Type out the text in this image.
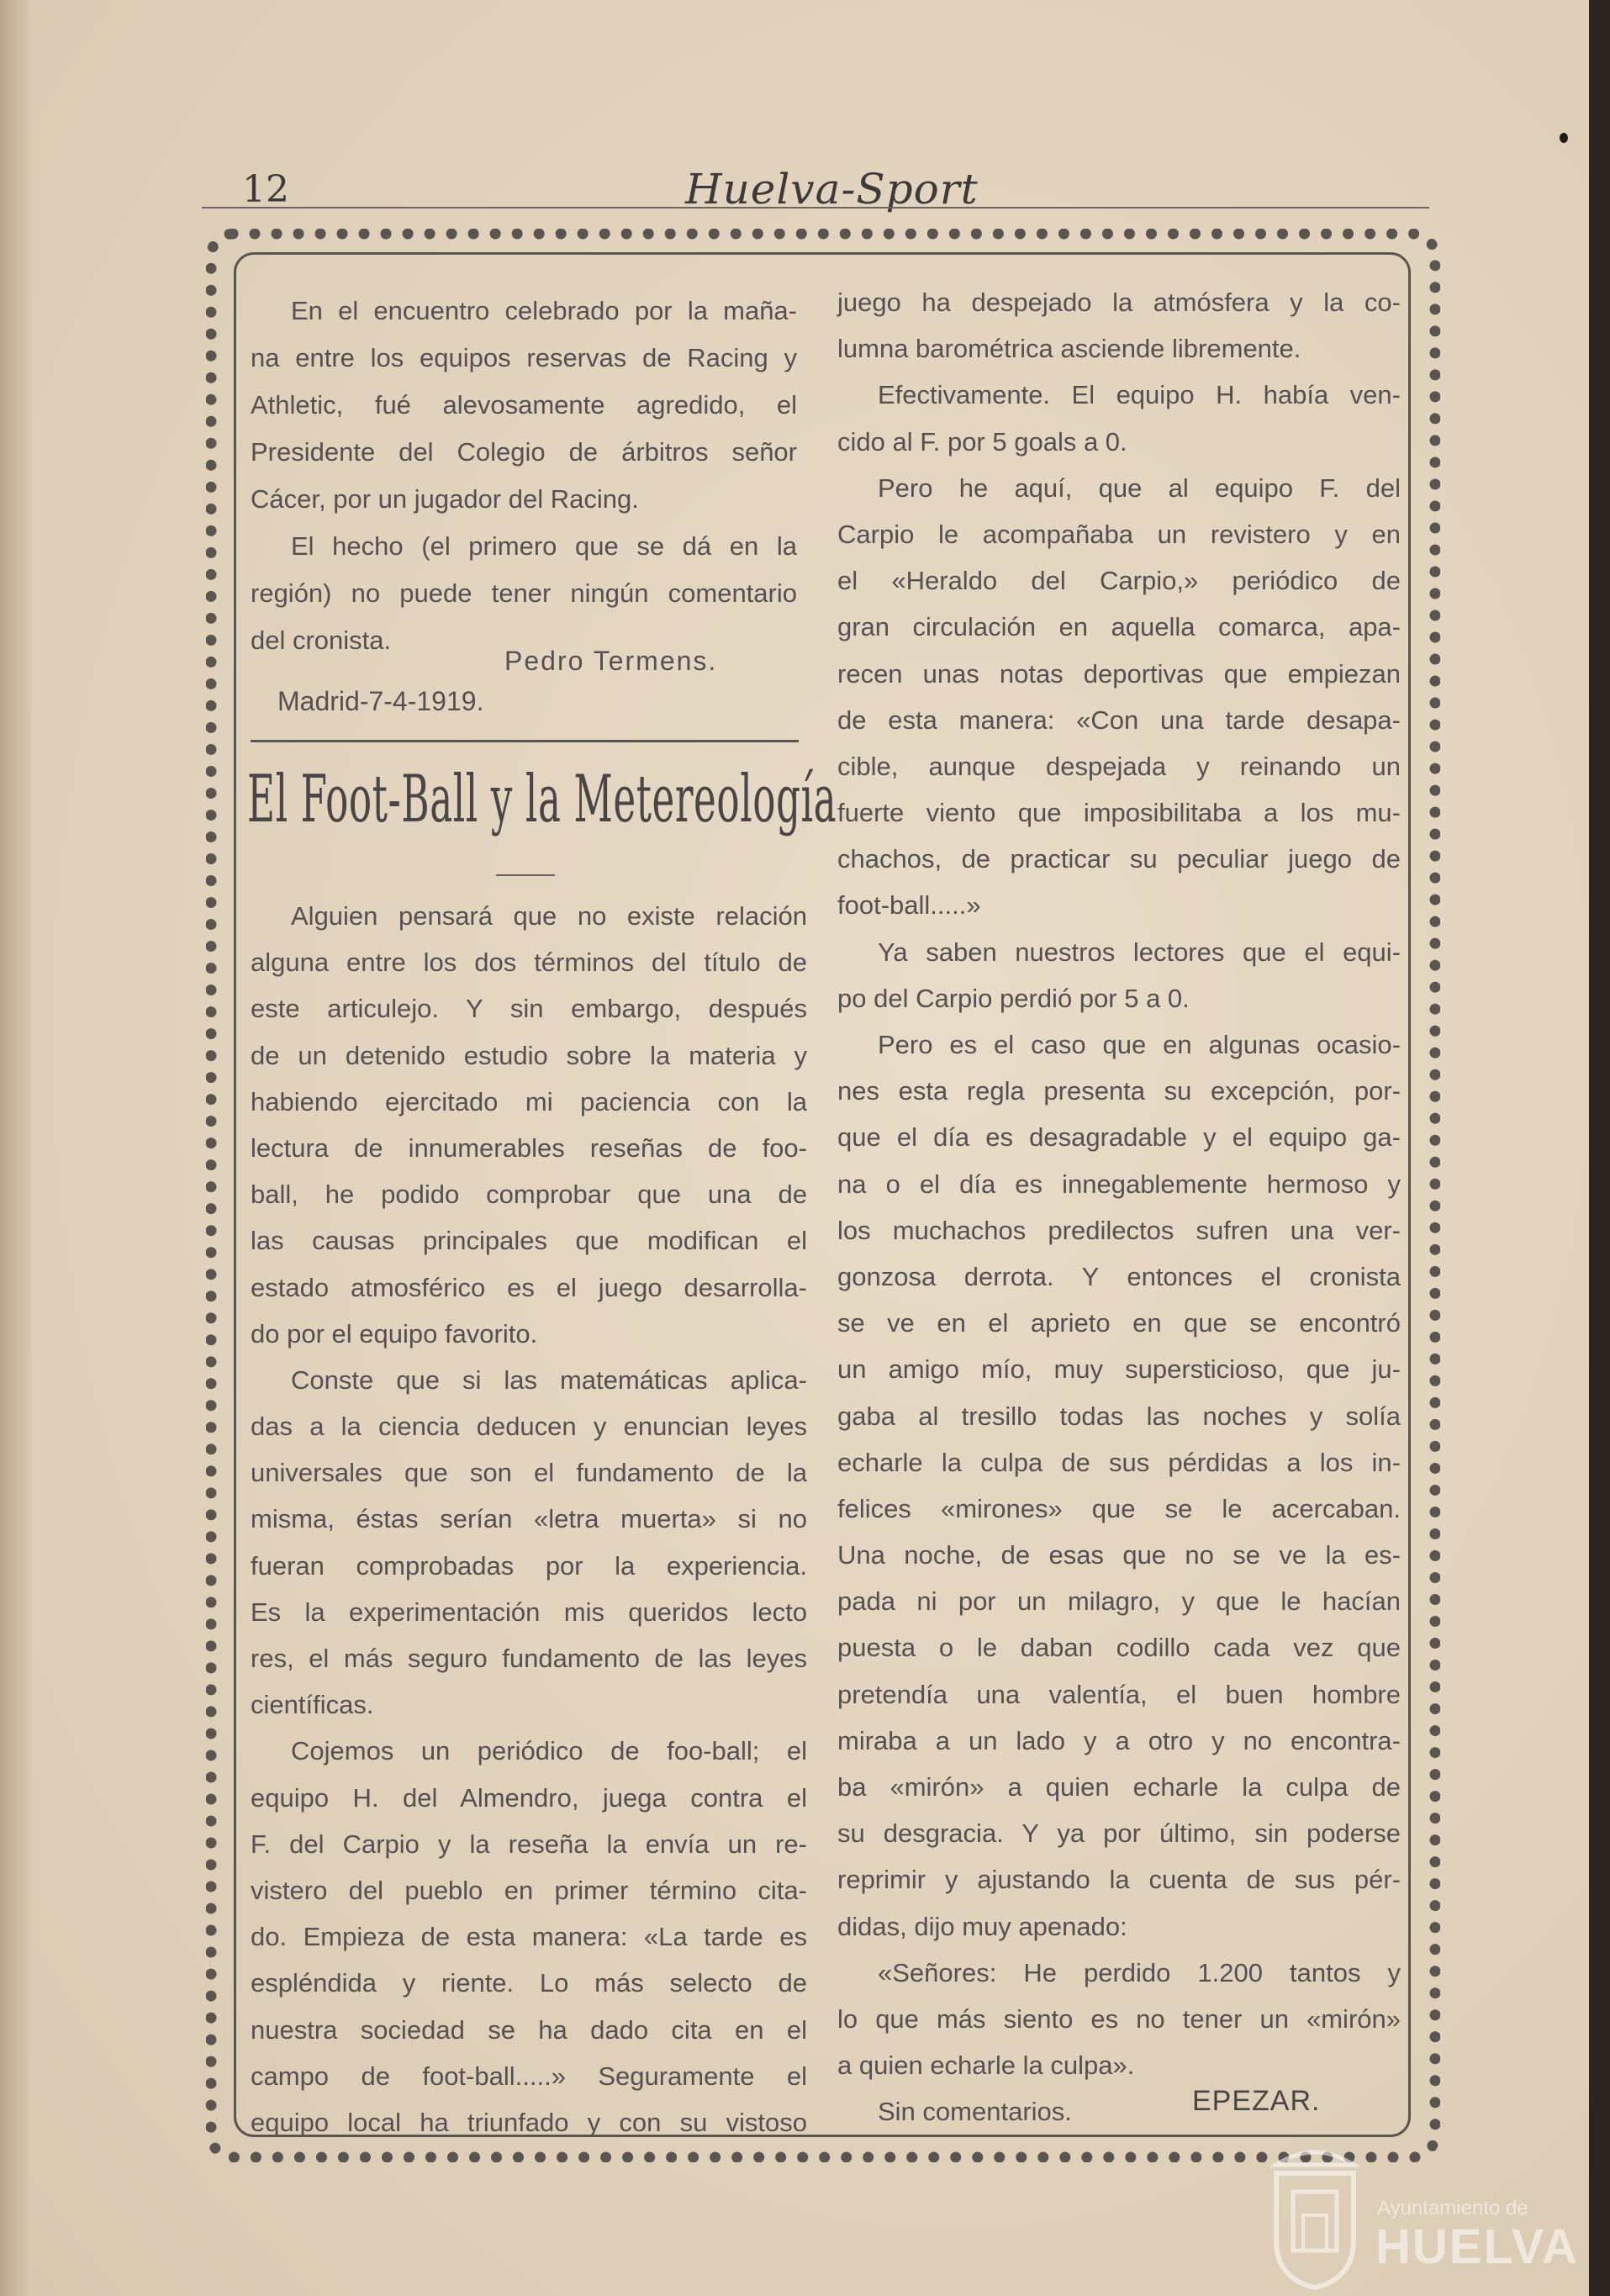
12	Huelva-Sport
En el encuentro celebrado por la maña-
na entre los equipos reservas de Racing y
Athletic, fué alevosamente agredido, el
Presidente del Colegio de árbitros señor
Cácer, por un jugador del Racing.
El hecho (el primero que se dá en la
región) no puede tener ningún comentario
del cronista.
Pedro Termens.
Madrid-7-4-1919.
El Foot-Ball y la Metereología
Alguien pensará que no existe relación
alguna entre los dos términos del título de
este articulejo. Y sin embargo, después
de un detenido estudio sobre la materia y
habiendo ejercitado mi paciencia con la
lectura de innumerables reseñas de foo-
ball, he podido comprobar que una de
las causas principales que modifican el
estado atmosférico es el juego desarrolla-
do por el equipo favorito.
Conste que si las matemáticas aplica-
das a la ciencia deducen y enuncian leyes
universales que son el fundamento de la
misma, éstas serían «letra muerta» si no
fueran comprobadas por la experiencia.
Es la experimentación mis queridos lecto
res, el más seguro fundamento de las leyes
científicas.
Cojemos un periódico de foo-ball; el
equipo H. del Almendro, juega contra el
F. del Carpio y la reseña la envía un re-
vistero del pueblo en primer término cita-
do. Empieza de esta manera: «La tarde es
espléndida y riente. Lo más selecto de
nuestra sociedad se ha dado cita en el
campo de foot-ball.....» Seguramente el
equipo local ha triunfado y con su vistoso
juego ha despejado la atmósfera y la co-
lumna barométrica asciende libremente.
Efectivamente. El equipo H. había ven-
cido al F. por 5 goals a 0.
Pero he aquí, que al equipo F. del
Carpio le acompañaba un revistero y en
el «Heraldo del Carpio,» periódico de
gran circulación en aquella comarca, apa-
recen unas notas deportivas que empiezan
de esta manera: «Con una tarde desapa-
cible, aunque despejada y reinando un
fuerte viento que imposibilitaba a los mu-
chachos, de practicar su peculiar juego de
foot-ball.....»
Ya saben nuestros lectores que el equi-
po del Carpio perdió por 5 a 0.
Pero es el caso que en algunas ocasio-
nes esta regla presenta su excepción, por-
que el día es desagradable y el equipo ga-
na o el día es innegablemente hermoso y
los muchachos predilectos sufren una ver-
gonzosa derrota. Y entonces el cronista
se ve en el aprieto en que se encontró
un amigo mío, muy supersticioso, que ju-
gaba al tresillo todas las noches y solía
echarle la culpa de sus pérdidas a los in-
felices «mirones» que se le acercaban.
Una noche, de esas que no se ve la es-
pada ni por un milagro, y que le hacían
puesta o le daban codillo cada vez que
pretendía una valentía, el buen hombre
miraba a un lado y a otro y no encontra-
ba «mirón» a quien echarle la culpa de
su desgracia. Y ya por último, sin poderse
reprimir y ajustando la cuenta de sus pér-
didas, dijo muy apenado:
«Señores: He perdido 1.200 tantos y
lo que más siento es no tener un «mirón»
a quien echarle la culpa».
Sin comentarios.	EPEZAR.
Ayuntamiento de
HUELVA
